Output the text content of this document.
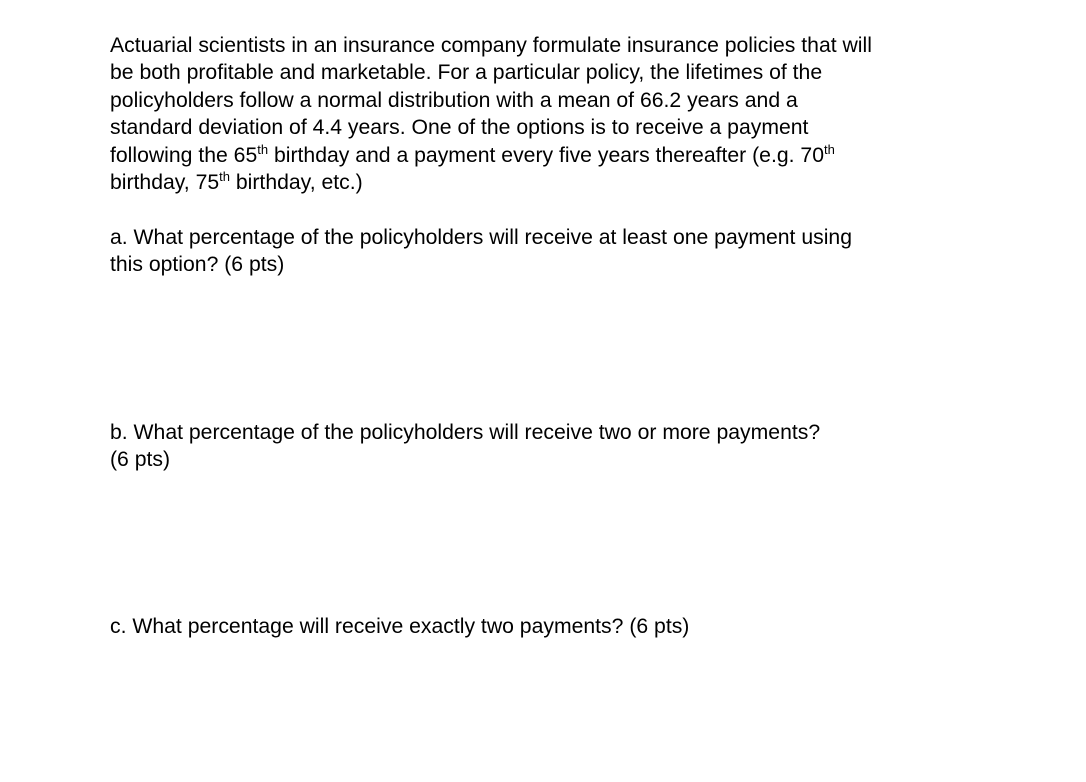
Actuarial scientists in an insurance company formulate insurance policies that will
be both profitable and marketable. For a particular policy, the lifetimes of the
policyholders follow a normal distribution with a mean of 66.2 years and a
standard deviation of 4.4 years. One of the options is to receive a payment
following the 65th birthday and a payment every five years thereafter (e.g. 70th
birthday, 75th birthday, etc.)

a. What percentage of the policyholders will receive at least one payment using
this option? (6 pts)

b. What percentage of the policyholders will receive two or more payments?
(6 pts)

c. What percentage will receive exactly two payments? (6 pts)
